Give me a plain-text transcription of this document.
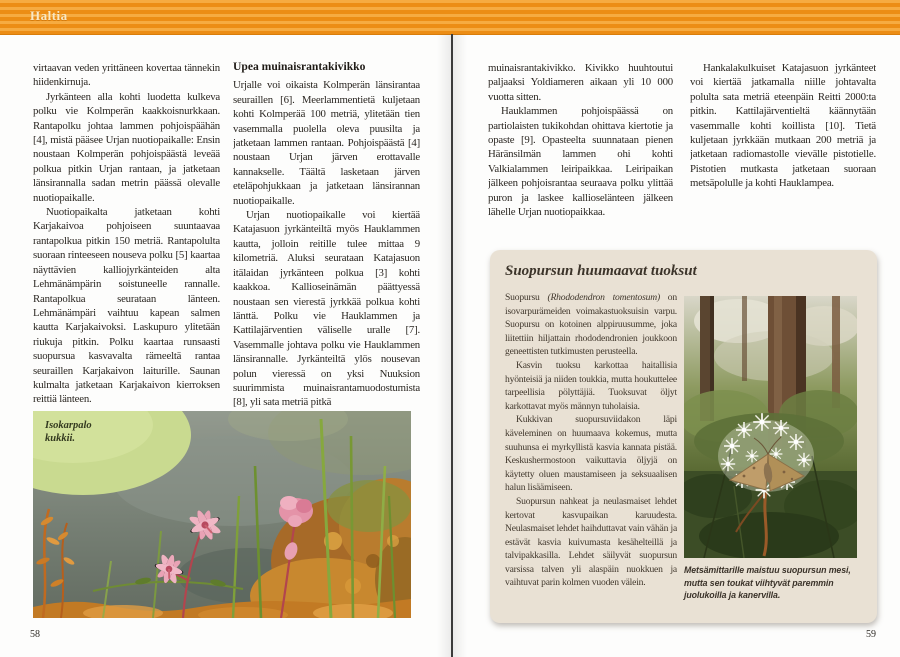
Haltia

virtaavan veden yrittäneen kovertaa tännekin hiidenkirnuja.

Jyrkänteen alla kohti luodetta kulkeva polku vie Kolmperän kaakkoisnurkkaan. Rantapolku johtaa lammen pohjoispäähän [4], mistä pääsee Urjan nuotiopaikalle: Ensin noustaan Kolmperän pohjoispäästä leveää polkua pitkin Urjan rantaan, ja jatketaan länsirannalla sadan metrin päässä olevalle nuotiopaikalle.

Nuotiopaikalta jatketaan kohti Karjakaivoa pohjoiseen suuntaavaa rantapolkua pitkin 150 metriä. Rantapolulta suoraan rinteeseen nouseva polku [5] kaartaa näyttävien kalliojyrkänteiden alta Lehmänämpärin soistuneelle rannalle. Rantapolkua seurataan länteen. Lehmänämpäri vaihtuu kapean salmen kautta Karjakaivoksi. Laskupuro ylitetään riukuja pitkin. Polku kaartaa runsaasti suopursua kasvavalta rämeeltä rantaa seuraillen Karjakaivon laiturille. Saunan kulmalta jatketaan Karjakaivon kierroksen reittiä länteen.

Upea muinaisrantakivikko

Urjalle voi oikaista Kolmperän länsirantaa seuraillen [6]. Meerlammentietä kuljetaan kohti Kolmperää 100 metriä, ylitetään tien vasemmalla puolella oleva puusilta ja jatketaan lammen rantaan. Pohjoispäästä [4] noustaan Urjan järven erottavalle kannakselle. Täältä lasketaan järven eteläpohjukkaan ja jatketaan länsirannan nuotiopaikalle.

Urjan nuotiopaikalle voi kiertää Katajasuon jyrkänteiltä myös Hauklammen kautta, jolloin reitille tulee mittaa 9 kilometriä. Aluksi seurataan Katajasuon itälaidan jyrkänteen polkua [3] kohti kaakkoa. Kallioseinämän päättyessä noustaan sen vierestä jyrkkää polkua kohti länttä. Polku vie Hauklammen ja Kattilajärventien väliselle uralle [7]. Vasemmalle johtava polku vie Hauklammen länsirannalle. Jyrkänteiltä ylös nousevan polun vieressä on yksi Nuuksion suurimmista muinaisrantamuodostumista [8], yli sata metriä pitkä

Isokarpalo kukkii.
58

muinaisrantakivikko. Kivikko huuhtoutui paljaaksi Yoldiameren aikaan yli 10 000 vuotta sitten.

Hauklammen pohjoispäässä on partiolaisten tukikohdan ohittava kiertotie ja opaste [9]. Opasteelta suunnataan pienen Häränsilmän lammen ohi kohti Valkialammen leiripaikkaa. Leiripaikan jälkeen pohjoisrantaa seuraava polku ylittää puron ja laskee kallioselänteen jälkeen lähelle Urjan nuotiopaikkaa.

Hankalakulkuiset Katajasuon jyrkänteet voi kiertää jatkamalla niille johtavalta polulta sata metriä eteenpäin Reitti 2000:ta pitkin. Kattilajärventieltä käännytään vasemmalle kohti koillista [10]. Tietä kuljetaan jyrkkään mutkaan 200 metriä ja jatketaan radiomastolle vievälle pistotielle. Pistotien mutkasta jatketaan suoraan metsäpolulle ja kohti Hauklampea.

Suopursun huumaavat tuoksut

Suopursu (Rhododendron tomentosum) on isovarpurämeiden voimakastuoksuisin varpu. Suopursu on kotoinen alppiruusumme, joka liitettiin hiljattain rhododendronien joukkoon geneettisten tutkimusten perusteella.

Kasvin tuoksu karkottaa haitallisia hyönteisiä ja niiden toukkia, mutta houkuttelee tarpeellisia pölyttäjiä. Tuoksuvat öljyt karkottavat myös männyn tuholaisia.

Kukkivan suopursuviidakon läpi käveleminen on huumaava kokemus, mutta suuhunsa ei myrkyllistä kasvia kannata pistää. Keskushermostoon vaikuttavia öljyjä on käytetty oluen maustamiseen ja seksuaalisen halun lisäämiseen.

Suopursun nahkeat ja neulasmaiset lehdet kertovat kasvupaikan karuudesta. Neulasmaiset lehdet haihduttavat vain vähän ja estävät kasvia kuivumasta kesähelteillä ja talvipakkasilla. Lehdet säilyvät suopursun varsissa talven yli alaspäin nuokkuen ja vaihtuvat parin kolmen vuoden välein.

Metsämittarille maistuu suopursun mesi, mutta sen toukat viihtyvät paremmin juolukoilla ja kanervilla.
59
